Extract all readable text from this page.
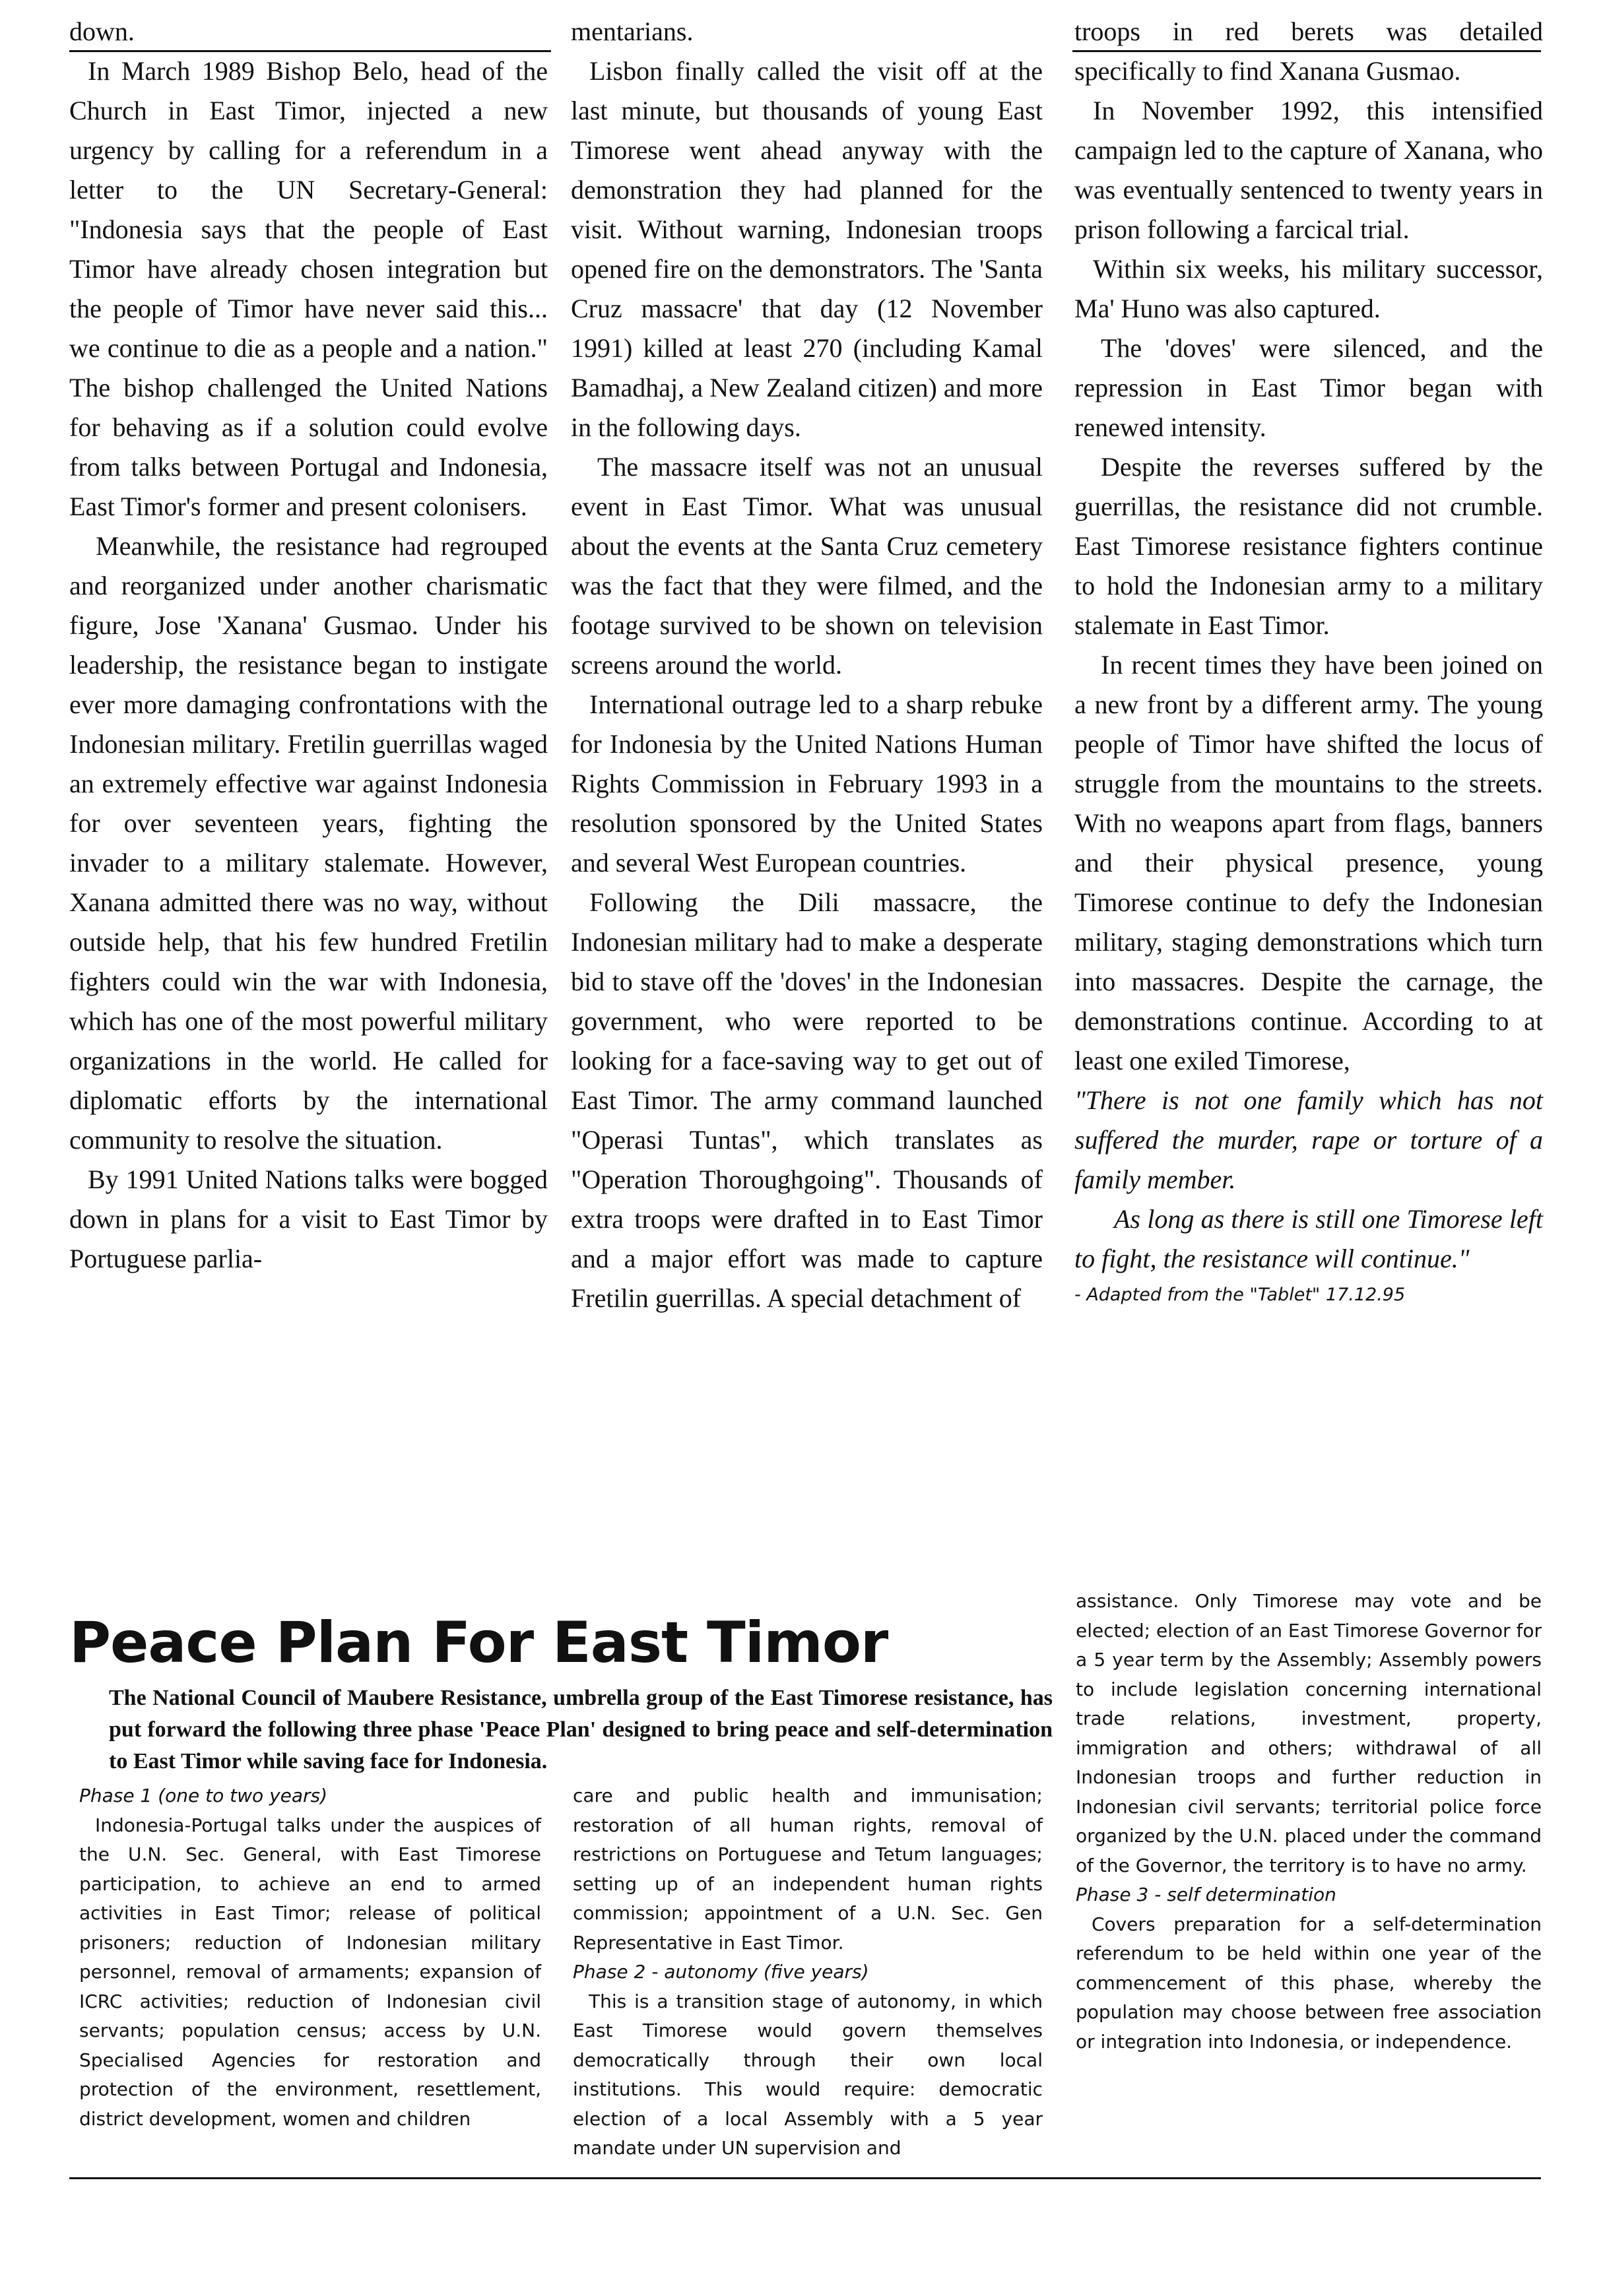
down.

In March 1989 Bishop Belo, head of the Church in East Timor, injected a new urgency by calling for a referendum in a letter to the UN Secretary-General: "Indonesia says that the people of East Timor have already chosen integration but the people of Timor have never said this... we continue to die as a people and a nation." The bishop challenged the United Nations for behaving as if a solution could evolve from talks between Portugal and Indonesia, East Timor's former and present colonisers.

Meanwhile, the resistance had regrouped and reorganized under another charismatic figure, Jose 'Xanana' Gusmao. Under his leadership, the resistance began to instigate ever more damaging confrontations with the Indonesian military. Fretilin guerrillas waged an extremely effective war against Indonesia for over seventeen years, fighting the invader to a military stalemate. However, Xanana admitted there was no way, without outside help, that his few hundred Fretilin fighters could win the war with Indonesia, which has one of the most powerful military organizations in the world. He called for diplomatic efforts by the international community to resolve the situation.

By 1991 United Nations talks were bogged down in plans for a visit to East Timor by Portuguese parlia-

mentarians.

Lisbon finally called the visit off at the last minute, but thousands of young East Timorese went ahead anyway with the demonstration they had planned for the visit. Without warning, Indonesian troops opened fire on the demonstrators. The 'Santa Cruz massacre' that day (12 November 1991) killed at least 270 (including Kamal Bamadhaj, a New Zealand citizen) and more in the following days.

The massacre itself was not an unusual event in East Timor. What was unusual about the events at the Santa Cruz cemetery was the fact that they were filmed, and the footage survived to be shown on television screens around the world.

International outrage led to a sharp rebuke for Indonesia by the United Nations Human Rights Commission in February 1993 in a resolution sponsored by the United States and several West European countries.

Following the Dili massacre, the Indonesian military had to make a desperate bid to stave off the 'doves' in the Indonesian government, who were reported to be looking for a face-saving way to get out of East Timor. The army command launched "Operasi Tuntas", which translates as "Operation Thoroughgoing". Thousands of extra troops were drafted in to East Timor and a major effort was made to capture Fretilin guerrillas. A special detachment of

troops in red berets was detailed specifically to find Xanana Gusmao.

In November 1992, this intensified campaign led to the capture of Xanana, who was eventually sentenced to twenty years in prison following a farcical trial.

Within six weeks, his military successor, Ma' Huno was also captured.

The 'doves' were silenced, and the repression in East Timor began with renewed intensity.

Despite the reverses suffered by the guerrillas, the resistance did not crumble. East Timorese resistance fighters continue to hold the Indonesian army to a military stalemate in East Timor.

In recent times they have been joined on a new front by a different army. The young people of Timor have shifted the locus of struggle from the mountains to the streets. With no weapons apart from flags, banners and their physical presence, young Timorese continue to defy the Indonesian military, staging demonstrations which turn into massacres. Despite the carnage, the demonstrations continue. According to at least one exiled Timorese,

"There is not one family which has not suffered the murder, rape or torture of a family member.

As long as there is still one Timorese left to fight, the resistance will continue."

- Adapted from the "Tablet" 17.12.95

Peace Plan For East Timor
The National Council of Maubere Resistance, umbrella group of the East Timorese resistance, has put forward the following three phase 'Peace Plan' designed to bring peace and self-determination to East Timor while saving face for Indonesia.

Phase 1 (one to two years)

Indonesia-Portugal talks under the auspices of the U.N. Sec. General, with East Timorese participation, to achieve an end to armed activities in East Timor; release of political prisoners; reduction of Indonesian military personnel, removal of armaments; expansion of ICRC activities; reduction of Indonesian civil servants; population census; access by U.N. Specialised Agencies for restoration and protection of the environment, resettlement, district development, women and children

care and public health and immunisation; restoration of all human rights, removal of restrictions on Portuguese and Tetum languages; setting up of an independent human rights commission; appointment of a U.N. Sec. Gen Representative in East Timor.

Phase 2 - autonomy (five years)

This is a transition stage of autonomy, in which East Timorese would govern themselves democratically through their own local institutions. This would require: democratic election of a local Assembly with a 5 year mandate under UN supervision and

assistance. Only Timorese may vote and be elected; election of an East Timorese Governor for a 5 year term by the Assembly; Assembly powers to include legislation concerning international trade relations, investment, property, immigration and others; withdrawal of all Indonesian troops and further reduction in Indonesian civil servants; territorial police force organized by the U.N. placed under the command of the Governor, the territory is to have no army.

Phase 3 - self determination

Covers preparation for a self-determination referendum to be held within one year of the commencement of this phase, whereby the population may choose between free association or integration into Indonesia, or independence.
